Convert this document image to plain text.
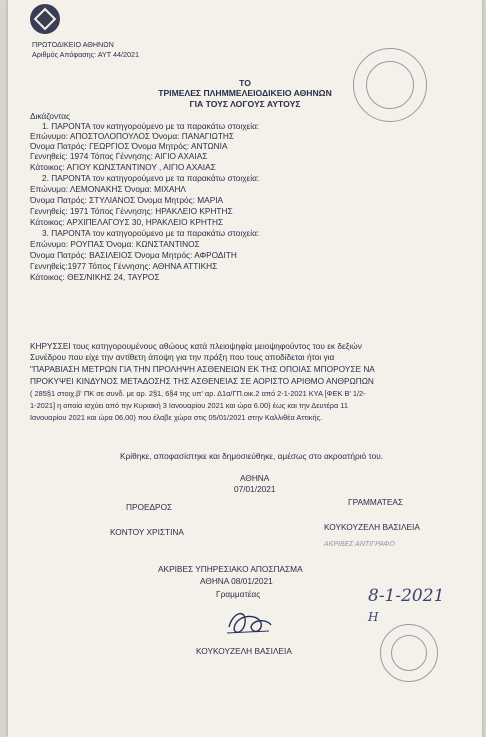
ΠΡΩΤΟΔΙΚΕΙΟ ΑΘΗΝΩΝ
Αριθμός Απόφασης: ΑΥΤ 44/2021
ΤΟ
ΤΡΙΜΕΛΕΣ ΠΛΗΜΜΕΛΕΙΟΔΙΚΕΙΟ ΑΘΗΝΩΝ
ΓΙΑ ΤΟΥΣ ΛΟΓΟΥΣ ΑΥΤΟΥΣ
Δικάζοντας
1. ΠΑΡΟΝΤΑ τον κατηγορούμενο με τα παρακάτω στοιχεία:
Επώνυμο: ΑΠΟΣΤΟΛΟΠΟΥΛΟΣ Όνομα: ΠΑΝΑΓΙΩΤΗΣ
Όνομα Πατρός: ΓΕΩΡΓΙΟΣ Όνομα Μητρός: ΑΝΤΩΝΙΑ
Γεννηθείς: 1974 Τόπος Γέννησης: ΑΙΓΙΟ ΑΧΑΙΑΣ
Κάτοικος: ΑΓΙΟΥ ΚΩΝΣΤΑΝΤΙΝΟΥ , ΑΙΓΙΟ ΑΧΑΙΑΣ
2. ΠΑΡΟΝΤΑ τον κατηγορούμενο με τα παρακάτω στοιχεία:
Επώνυμο: ΛΕΜΟΝΑΚΗΣ Όνομα: ΜΙΧΑΗΛ
Όνομα Πατρός: ΣΤΥΛΙΑΝΟΣ Όνομα Μητρός: ΜΑΡΙΑ
Γεννηθείς: 1971 Τόπος Γέννησης: ΗΡΑΚΛΕΙΟ ΚΡΗΤΗΣ
Κάτοικος: ΑΡΧΙΠΕΛΑΓΟΥΣ 30, ΗΡΑΚΛΕΙΟ ΚΡΗΤΗΣ
3. ΠΑΡΟΝΤΑ τον κατηγορούμενο με τα παρακάτω στοιχεία:
Επώνυμο: ΡΟΥΠΑΣ Όνομα: ΚΩΝΣΤΑΝΤΙΝΟΣ
Όνομα Πατρός: ΒΑΣΙΛΕΙΟΣ Όνομα Μητρός: ΑΦΡΟΔΙΤΗ
Γεννηθείς:1977 Τόπος Γέννησης: ΑΘΗΝΑ ΑΤΤΙΚΗΣ
Κάτοικος: ΘΕΣ/ΝΙΚΗΣ 24, ΤΑΥΡΟΣ
ΚΗΡΥΣΣΕΙ τους κατηγορουμένους αθώους κατά πλειοψηφία μειοψηφούντος του εκ δεξιών
Συνέδρου που είχε την αντίθετη άποψη για την πράξη που τους αποδίδεται ήτοι για
"ΠΑΡΑΒΙΑΣΗ ΜΕΤΡΩΝ ΓΙΑ ΤΗΝ ΠΡΟΛΗΨΗ ΑΣΘΕΝΕΙΩΝ ΕΚ ΤΗΣ ΟΠΟΙΑΣ ΜΠΟΡΟΥΣΕ ΝΑ
ΠΡΟΚΥΨΕΙ ΚΙΝΔΥΝΟΣ ΜΕΤΑΔΟΣΗΣ ΤΗΣ ΑΣΘΕΝΕΙΑΣ ΣΕ ΑΟΡΙΣΤΟ ΑΡΙΘΜΟ ΑΝΘΡΩΠΩΝ
( 285§1 στοιχ.β' ΠΚ σε συνδ. με αρ. 2§1, 6§4 της υπ' αρ. Δ1α/ΓΠ.οικ.2 από 2-1-2021 ΚΥΑ [ΦΕΚ Β' 1/2-
1-2021] η οποία ισχύει από την Κυριακή 3 Ιανουαρίου 2021 και ώρα 6.00) έως και την Δευτέρα 11
Ιανουαρίου 2021 και ώρα 06.00) που έλαβε χώρα στις 05/01/2021 στην Καλλιθέα Αττικής.
Κρίθηκε, αποφασίστηκε και δημοσιεύθηκε, αμέσως στο ακροατήριό του.
ΑΘΗΝΑ
07/01/2021
ΠΡΟΕΔΡΟΣ	ΓΡΑΜΜΑΤΕΑΣ
ΚΟΝΤΟΥ ΧΡΙΣΤΙΝΑ	ΚΟΥΚΟΥΖΕΛΗ ΒΑΣΙΛΕΙΑ
ΑΚΡΙΒΕΣ ΥΠΗΡΕΣΙΑΚΟ ΑΠΟΣΠΑΣΜΑ
ΑΘΗΝΑ 08/01/2021
Γραμματέας
ΚΟΥΚΟΥΖΕΛΗ ΒΑΣΙΛΕΙΑ
ΑΚΡΙΒΕΣ ΑΝΤΙΓΡΑΦΟ
8-1-2021
H
